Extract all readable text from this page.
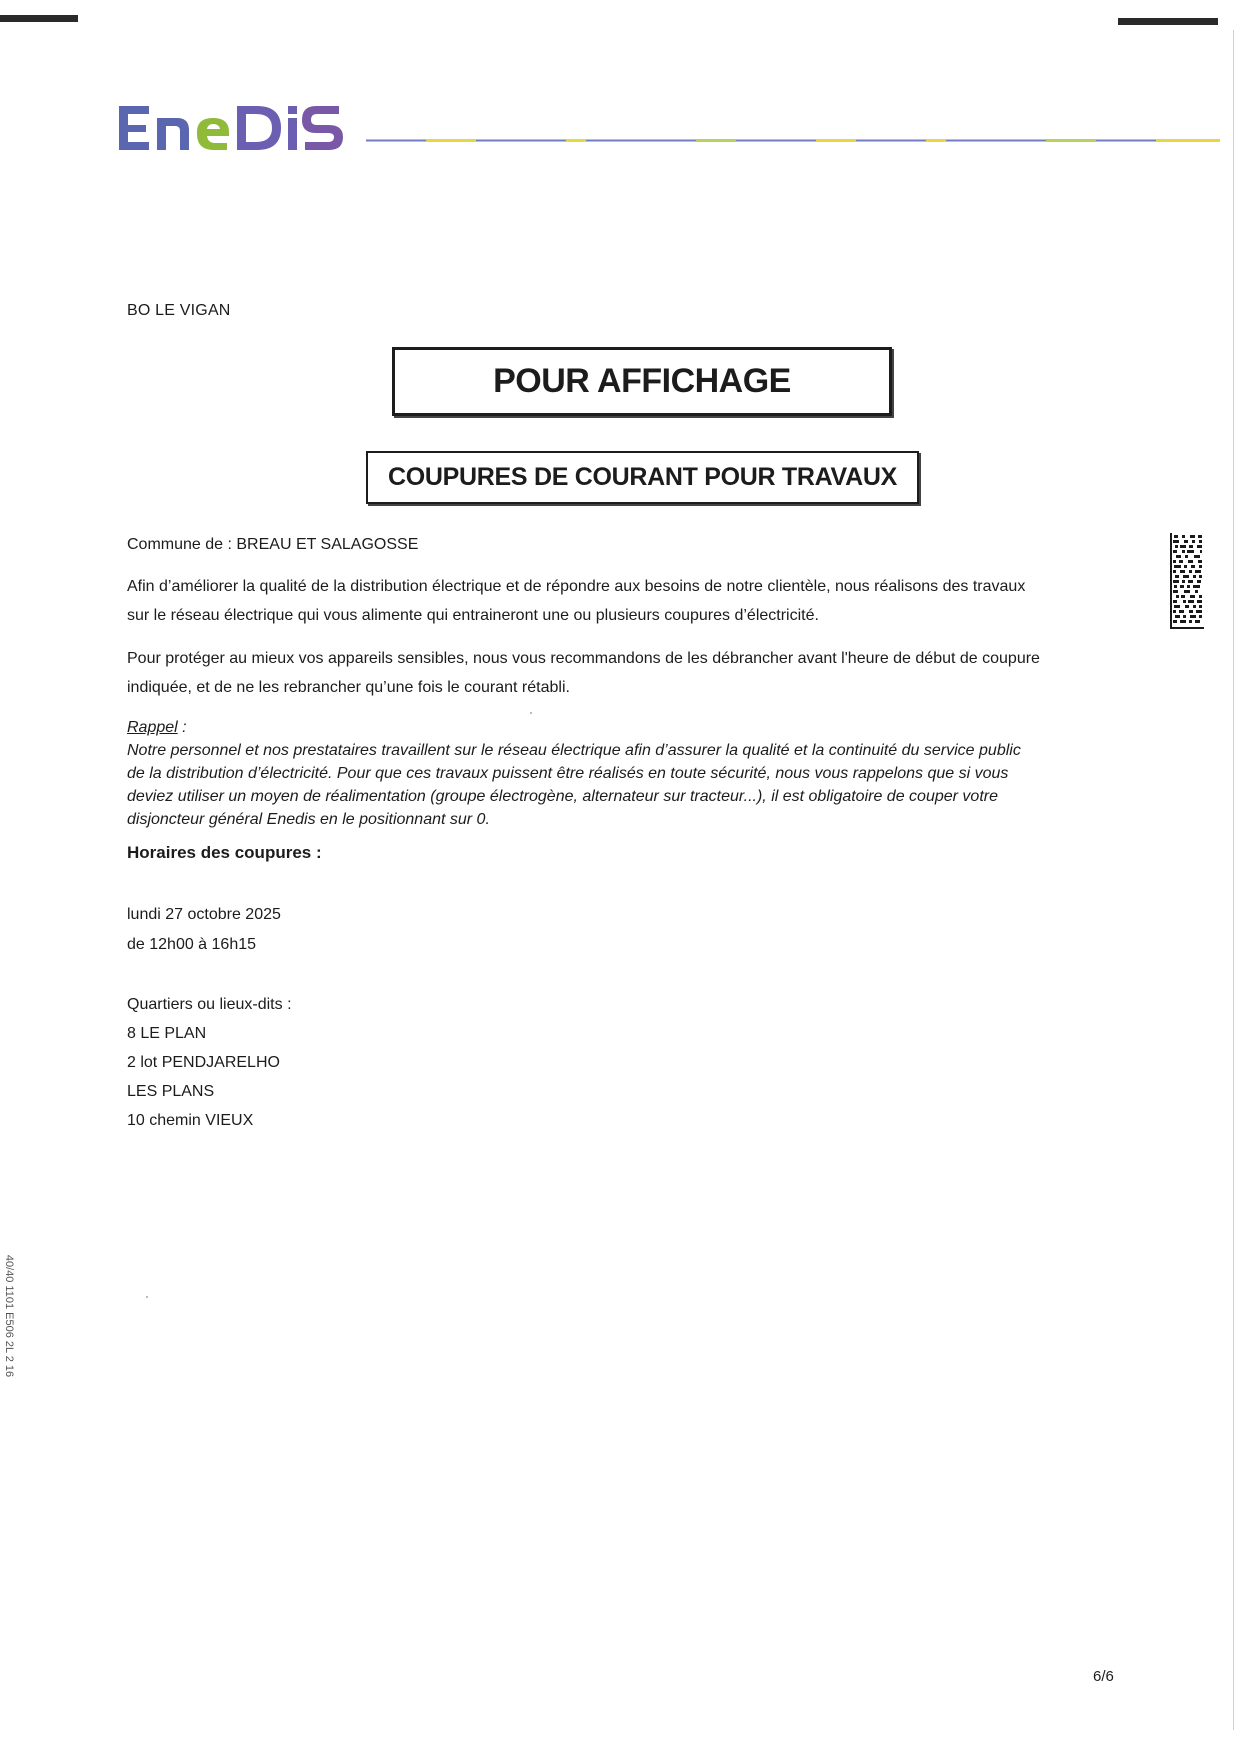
BO LE VIGAN
POUR AFFICHAGE
COUPURES DE COURANT POUR TRAVAUX
Commune de : BREAU ET SALAGOSSE
Afin d’améliorer la qualité de la distribution électrique et de répondre aux besoins de notre clientèle, nous réalisons des travaux
sur le réseau électrique qui vous alimente qui entraineront une ou plusieurs coupures d’électricité.
Pour protéger au mieux vos appareils sensibles, nous vous recommandons de les débrancher avant l'heure de début de coupure
indiquée, et de ne les rebrancher qu’une fois le courant rétabli.
Rappel :
Notre personnel et nos prestataires travaillent sur le réseau électrique afin d’assurer la qualité et la continuité du service public
de la distribution d’électricité. Pour que ces travaux puissent être réalisés en toute sécurité, nous vous rappelons que si vous
deviez utiliser un moyen de réalimentation (groupe électrogène, alternateur sur tracteur...), il est obligatoire de couper votre
disjoncteur général Enedis en le positionnant sur 0.
Horaires des coupures :
lundi 27 octobre 2025
de 12h00 à 16h15
Quartiers ou lieux-dits :
8 LE PLAN
2 lot PENDJARELHO
LES PLANS
10 chemin VIEUX
40/40 1101 E506 2L 2 16
6/6
